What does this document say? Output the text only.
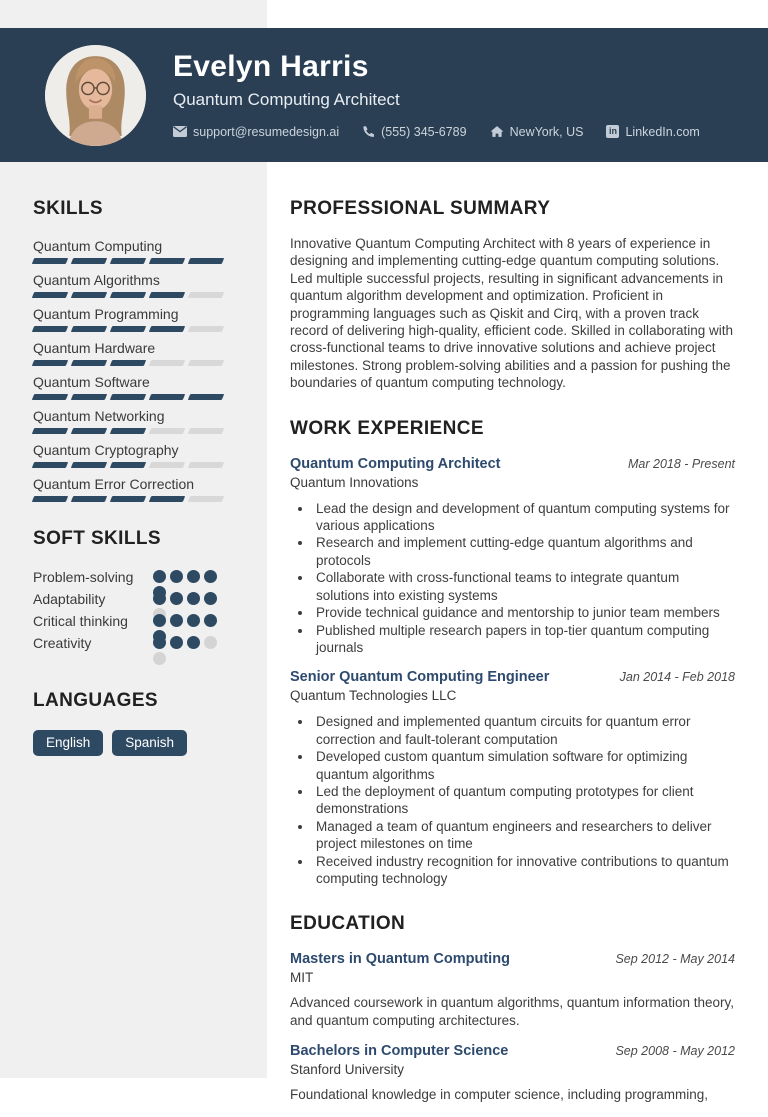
Evelyn Harris
Quantum Computing Architect
support@resumedesign.ai	(555) 345-6789	NewYork, US	in LinkedIn.com
SKILLS
Quantum Computing
Quantum Algorithms
Quantum Programming
Quantum Hardware
Quantum Software
Quantum Networking
Quantum Cryptography
Quantum Error Correction
SOFT SKILLS
Problem-solving
Adaptability
Critical thinking
Creativity
LANGUAGES
English	Spanish
PROFESSIONAL SUMMARY

Innovative Quantum Computing Architect with 8 years of experience in designing and implementing cutting-edge quantum computing solutions. Led multiple successful projects, resulting in significant advancements in quantum algorithm development and optimization. Proficient in programming languages such as Qiskit and Cirq, with a proven track record of delivering high-quality, efficient code. Skilled in collaborating with cross-functional teams to drive innovative solutions and achieve project milestones. Strong problem-solving abilities and a passion for pushing the boundaries of quantum computing technology.

WORK EXPERIENCE
Quantum Computing Architect	Mar 2018 - Present
Quantum Innovations
• Lead the design and development of quantum computing systems for various applications
• Research and implement cutting-edge quantum algorithms and protocols
• Collaborate with cross-functional teams to integrate quantum solutions into existing systems
• Provide technical guidance and mentorship to junior team members
• Published multiple research papers in top-tier quantum computing journals
Senior Quantum Computing Engineer	Jan 2014 - Feb 2018
Quantum Technologies LLC
• Designed and implemented quantum circuits for quantum error correction and fault-tolerant computation
• Developed custom quantum simulation software for optimizing quantum algorithms
• Led the deployment of quantum computing prototypes for client demonstrations
• Managed a team of quantum engineers and researchers to deliver project milestones on time
• Received industry recognition for innovative contributions to quantum computing technology
EDUCATION
Masters in Quantum Computing	Sep 2012 - May 2014
MIT

Advanced coursework in quantum algorithms, quantum information theory, and quantum computing architectures.

Bachelors in Computer Science	Sep 2008 - May 2012
Stanford University

Foundational knowledge in computer science, including programming,
